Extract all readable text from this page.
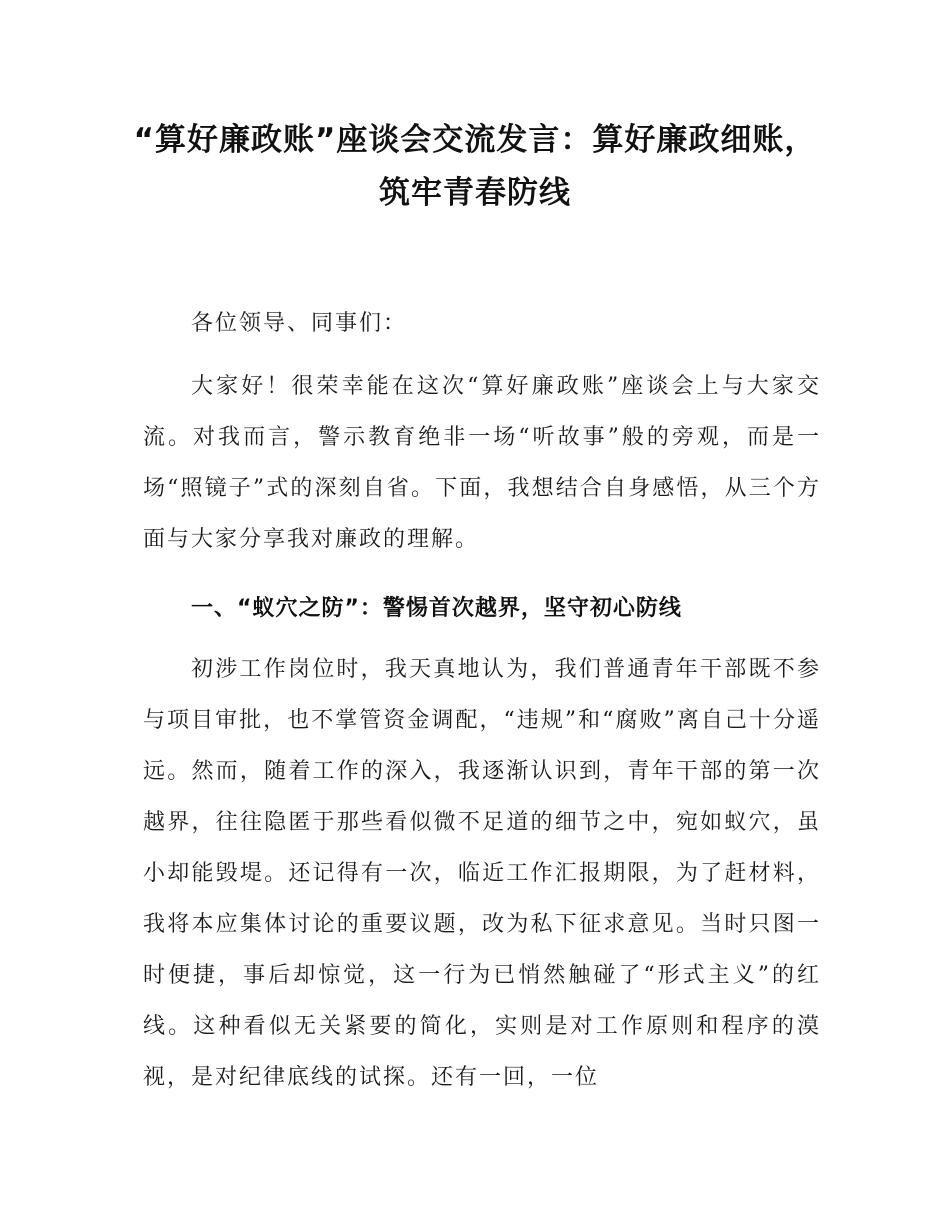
“算好廉政账”座谈会交流发言：算好廉政细账，筑牢青春防线

各位领导、同事们：

大家好！很荣幸能在这次“算好廉政账”座谈会上与大家交流。对我而言，警示教育绝非一场“听故事”般的旁观，而是一场“照镜子”式的深刻自省。下面，我想结合自身感悟，从三个方面与大家分享我对廉政的理解。

一、“蚁穴之防”：警惕首次越界，坚守初心防线

初涉工作岗位时，我天真地认为，我们普通青年干部既不参与项目审批，也不掌管资金调配，“违规”和“腐败”离自己十分遥远。然而，随着工作的深入，我逐渐认识到，青年干部的第一次越界，往往隐匿于那些看似微不足道的细节之中，宛如蚁穴，虽小却能毁堤。还记得有一次，临近工作汇报期限，为了赶材料，我将本应集体讨论的重要议题，改为私下征求意见。当时只图一时便捷，事后却惊觉，这一行为已悄然触碰了“形式主义”的红线。这种看似无关紧要的简化，实则是对工作原则和程序的漠视，是对纪律底线的试探。还有一回，一位
